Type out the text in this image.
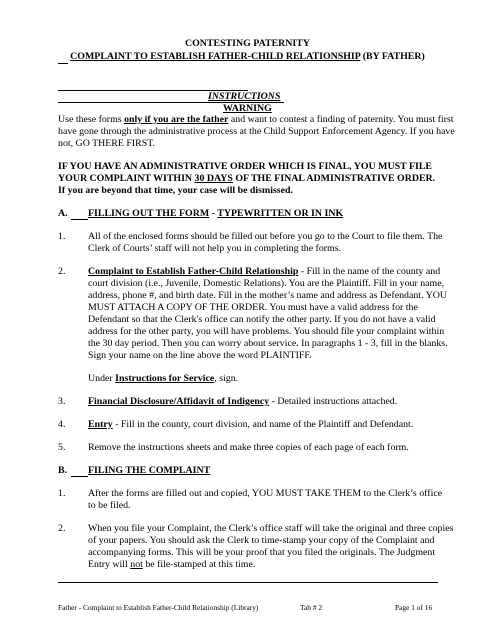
CONTESTING PATERNITY
COMPLAINT TO ESTABLISH FATHER-CHILD RELATIONSHIP (BY FATHER)
INSTRUCTIONS
WARNING
Use these forms only if you are the father and want to contest a finding of paternity. You must first
have gone through the administrative process at the Child Support Enforcement Agency. If you have
not, GO THERE FIRST.
IF YOU HAVE AN ADMINISTRATIVE ORDER WHICH IS FINAL, YOU MUST FILE
YOUR COMPLAINT WITHIN 30 DAYS OF THE FINAL ADMINISTRATIVE ORDER.
If you are beyond that time, your case will be dismissed.
A. FILLING OUT THE FORM - TYPEWRITTEN OR IN INK
1. All of the enclosed forms should be filled out before you go to the Court to file them. The
Clerk of Courts’ staff will not help you in completing the forms.
2. Complaint to Establish Father-Child Relationship - Fill in the name of the county and
court division (i.e., Juvenile, Domestic Relations). You are the Plaintiff. Fill in your name,
address, phone #, and birth date. Fill in the mother’s name and address as Defendant. YOU
MUST ATTACH A COPY OF THE ORDER. You must have a valid address for the
Defendant so that the Clerk's office can notify the other party. If you do not have a valid
address for the other party, you will have problems. You should file your complaint within
the 30 day period. Then you can worry about service. In paragraphs 1 - 3, fill in the blanks.
Sign your name on the line above the word PLAINTIFF.
Under Instructions for Service, sign.
3. Financial Disclosure/Affidavit of Indigency - Detailed instructions attached.
4. Entry - Fill in the county, court division, and name of the Plaintiff and Defendant.
5. Remove the instructions sheets and make three copies of each page of each form.
B. FILING THE COMPLAINT
1. After the forms are filled out and copied, YOU MUST TAKE THEM to the Clerk’s office
to be filed.
2. When you file your Complaint, the Clerk’s office staff will take the original and three copies
of your papers. You should ask the Clerk to time-stamp your copy of the Complaint and
accompanying forms. This will be your proof that you filed the originals. The Judgment
Entry will not be file-stamped at this time.
Father - Complaint to Establish Father-Child Relationship (Library)	Tab # 2	Page 1 of 16
